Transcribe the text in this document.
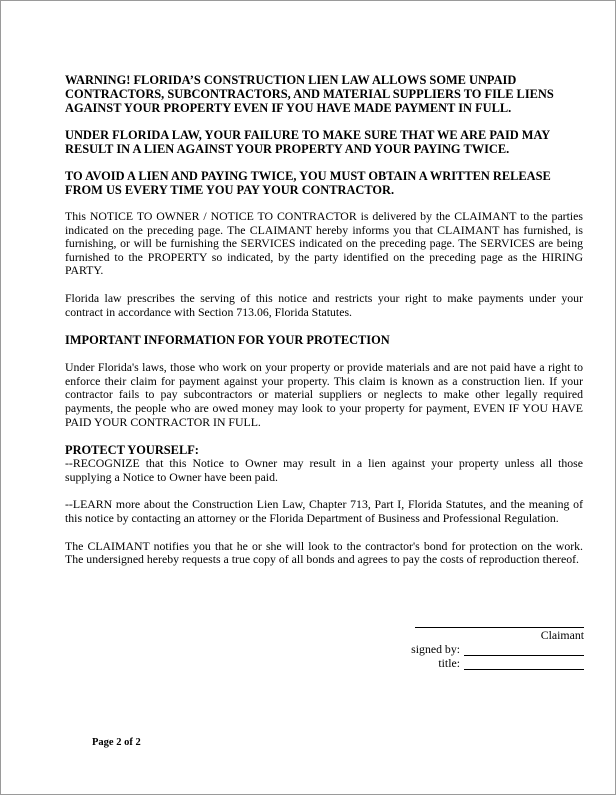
WARNING! FLORIDA’S CONSTRUCTION LIEN LAW ALLOWS SOME UNPAID CONTRACTORS, SUBCONTRACTORS, AND MATERIAL SUPPLIERS TO FILE LIENS AGAINST YOUR PROPERTY EVEN IF YOU HAVE MADE PAYMENT IN FULL.

UNDER FLORIDA LAW, YOUR FAILURE TO MAKE SURE THAT WE ARE PAID MAY RESULT IN A LIEN AGAINST YOUR PROPERTY AND YOUR PAYING TWICE.

TO AVOID A LIEN AND PAYING TWICE, YOU MUST OBTAIN A WRITTEN RELEASE FROM US EVERY TIME YOU PAY YOUR CONTRACTOR.

This NOTICE TO OWNER / NOTICE TO CONTRACTOR is delivered by the CLAIMANT to the parties indicated on the preceding page. The CLAIMANT hereby informs you that CLAIMANT has furnished, is furnishing, or will be furnishing the SERVICES indicated on the preceding page. The SERVICES are being furnished to the PROPERTY so indicated, by the party identified on the preceding page as the HIRING PARTY.

Florida law prescribes the serving of this notice and restricts your right to make payments under your contract in accordance with Section 713.06, Florida Statutes.

IMPORTANT INFORMATION FOR YOUR PROTECTION

Under Florida's laws, those who work on your property or provide materials and are not paid have a right to enforce their claim for payment against your property. This claim is known as a construction lien. If your contractor fails to pay subcontractors or material suppliers or neglects to make other legally required payments, the people who are owed money may look to your property for payment, EVEN IF YOU HAVE PAID YOUR CONTRACTOR IN FULL.

PROTECT YOURSELF:

--RECOGNIZE that this Notice to Owner may result in a lien against your property unless all those supplying a Notice to Owner have been paid.

--LEARN more about the Construction Lien Law, Chapter 713, Part I, Florida Statutes, and the meaning of this notice by contacting an attorney or the Florida Department of Business and Professional Regulation.

The CLAIMANT notifies you that he or she will look to the contractor's bond for protection on the work. The undersigned hereby requests a true copy of all bonds and agrees to pay the costs of reproduction thereof.

Claimant
signed by:
title:
Page 2 of 2
